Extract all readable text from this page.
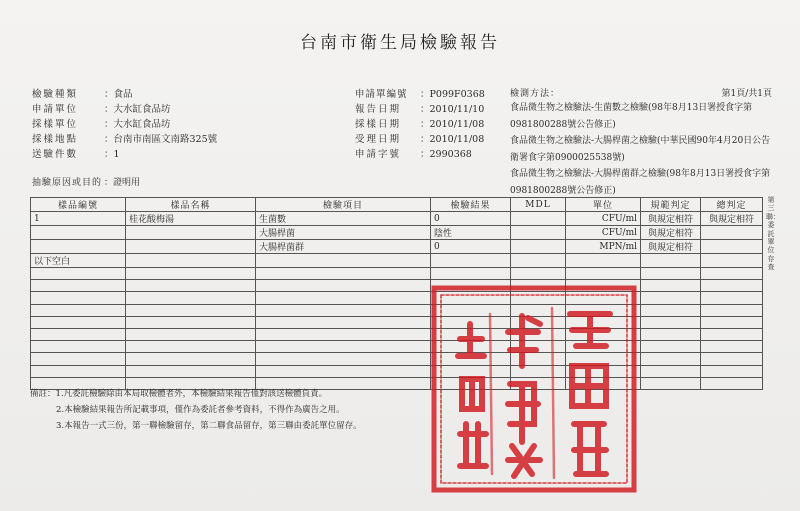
台南市衛生局檢驗報告
檢驗種類	：食品
申請單位	：大水缸食品坊
採樣單位	：大水缸食品坊
採樣地點	：台南市南區文南路325號
送驗件數	：1
抽驗原因或目的 ：證明用
申請單編號 ：P099F0368
報告日期 ：2010/11/10
採樣日期 ：2010/11/08
受理日期 ：2010/11/08
申請字號 ：2990368
檢測方法：	第1頁/共1頁
食品微生物之檢驗法-生菌數之檢驗(98年8月13日署授食字第0981800288號公告修正)
食品微生物之檢驗法-大腸桿菌之檢驗(中華民國90年4月20日公告衛署食字第0900025538號)
食品微生物之檢驗法-大腸桿菌群之檢驗(98年8月13日署授食字第0981800288號公告修正)
樣品編號	樣品名稱	檢驗項目	檢驗結果	MDL	單位	規範判定	總判定
1	桂花酸梅湯	生菌數	0		CFU/ml	與規定相符	與規定相符
		大腸桿菌	陰性		CFU/ml	與規定相符	
		大腸桿菌群	0		MPN/ml	與規定相符	
以下空白							

第三聯：委託單位存查
備註：1.凡委託檢驗除由本局取檢體者外，本檢驗結果報告僅對該送檢體負責。
2.本檢驗結果報告所記載事項，僅作為委託者參考資料，不得作為廣告之用。
3.本報告一式三份，第一聯檢驗留存，第二聯食品留存，第三聯由委託單位留存。
